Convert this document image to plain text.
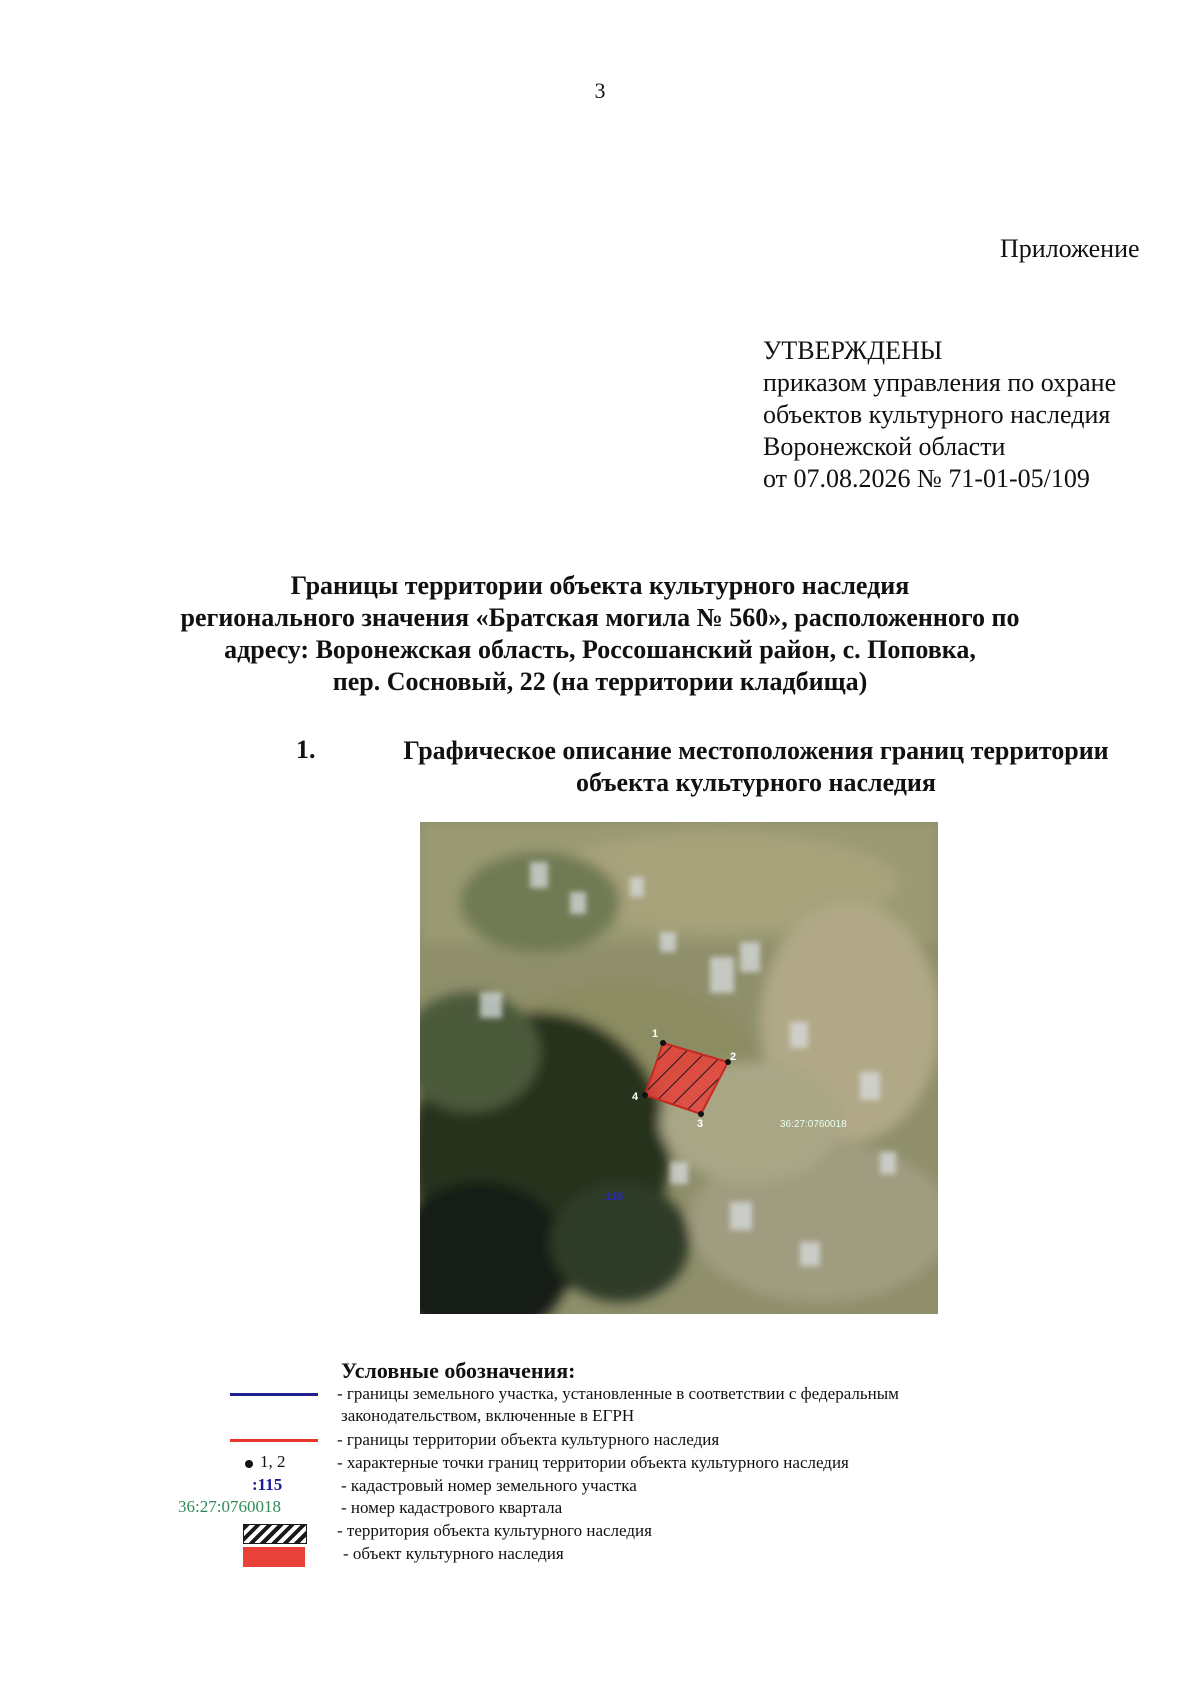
3
Приложение
УТВЕРЖДЕНЫ
приказом управления по охране
объектов культурного наследия
Воронежской области
от 07.08.2026 № 71-01-05/109
Границы территории объекта культурного наследия
регионального значения «Братская могила № 560», расположенного по
адресу: Воронежская область, Россошанский район, с. Поповка,
пер. Сосновый, 22 (на территории кладбища)
1.	Графическое описание местоположения границ территории
объекта культурного наследия
1
2
3
4
36:27:0760018
:115
Условные обозначения:
- границы земельного участка, установленные в соответствии с федеральным
законодательством, включенные в ЕГРН
- границы территории объекта культурного наследия
1, 2	- характерные точки границ территории объекта культурного наследия
:115	- кадастровый номер земельного участка
36:27:0760018	- номер кадастрового квартала
- территория объекта культурного наследия
- объект культурного наследия
